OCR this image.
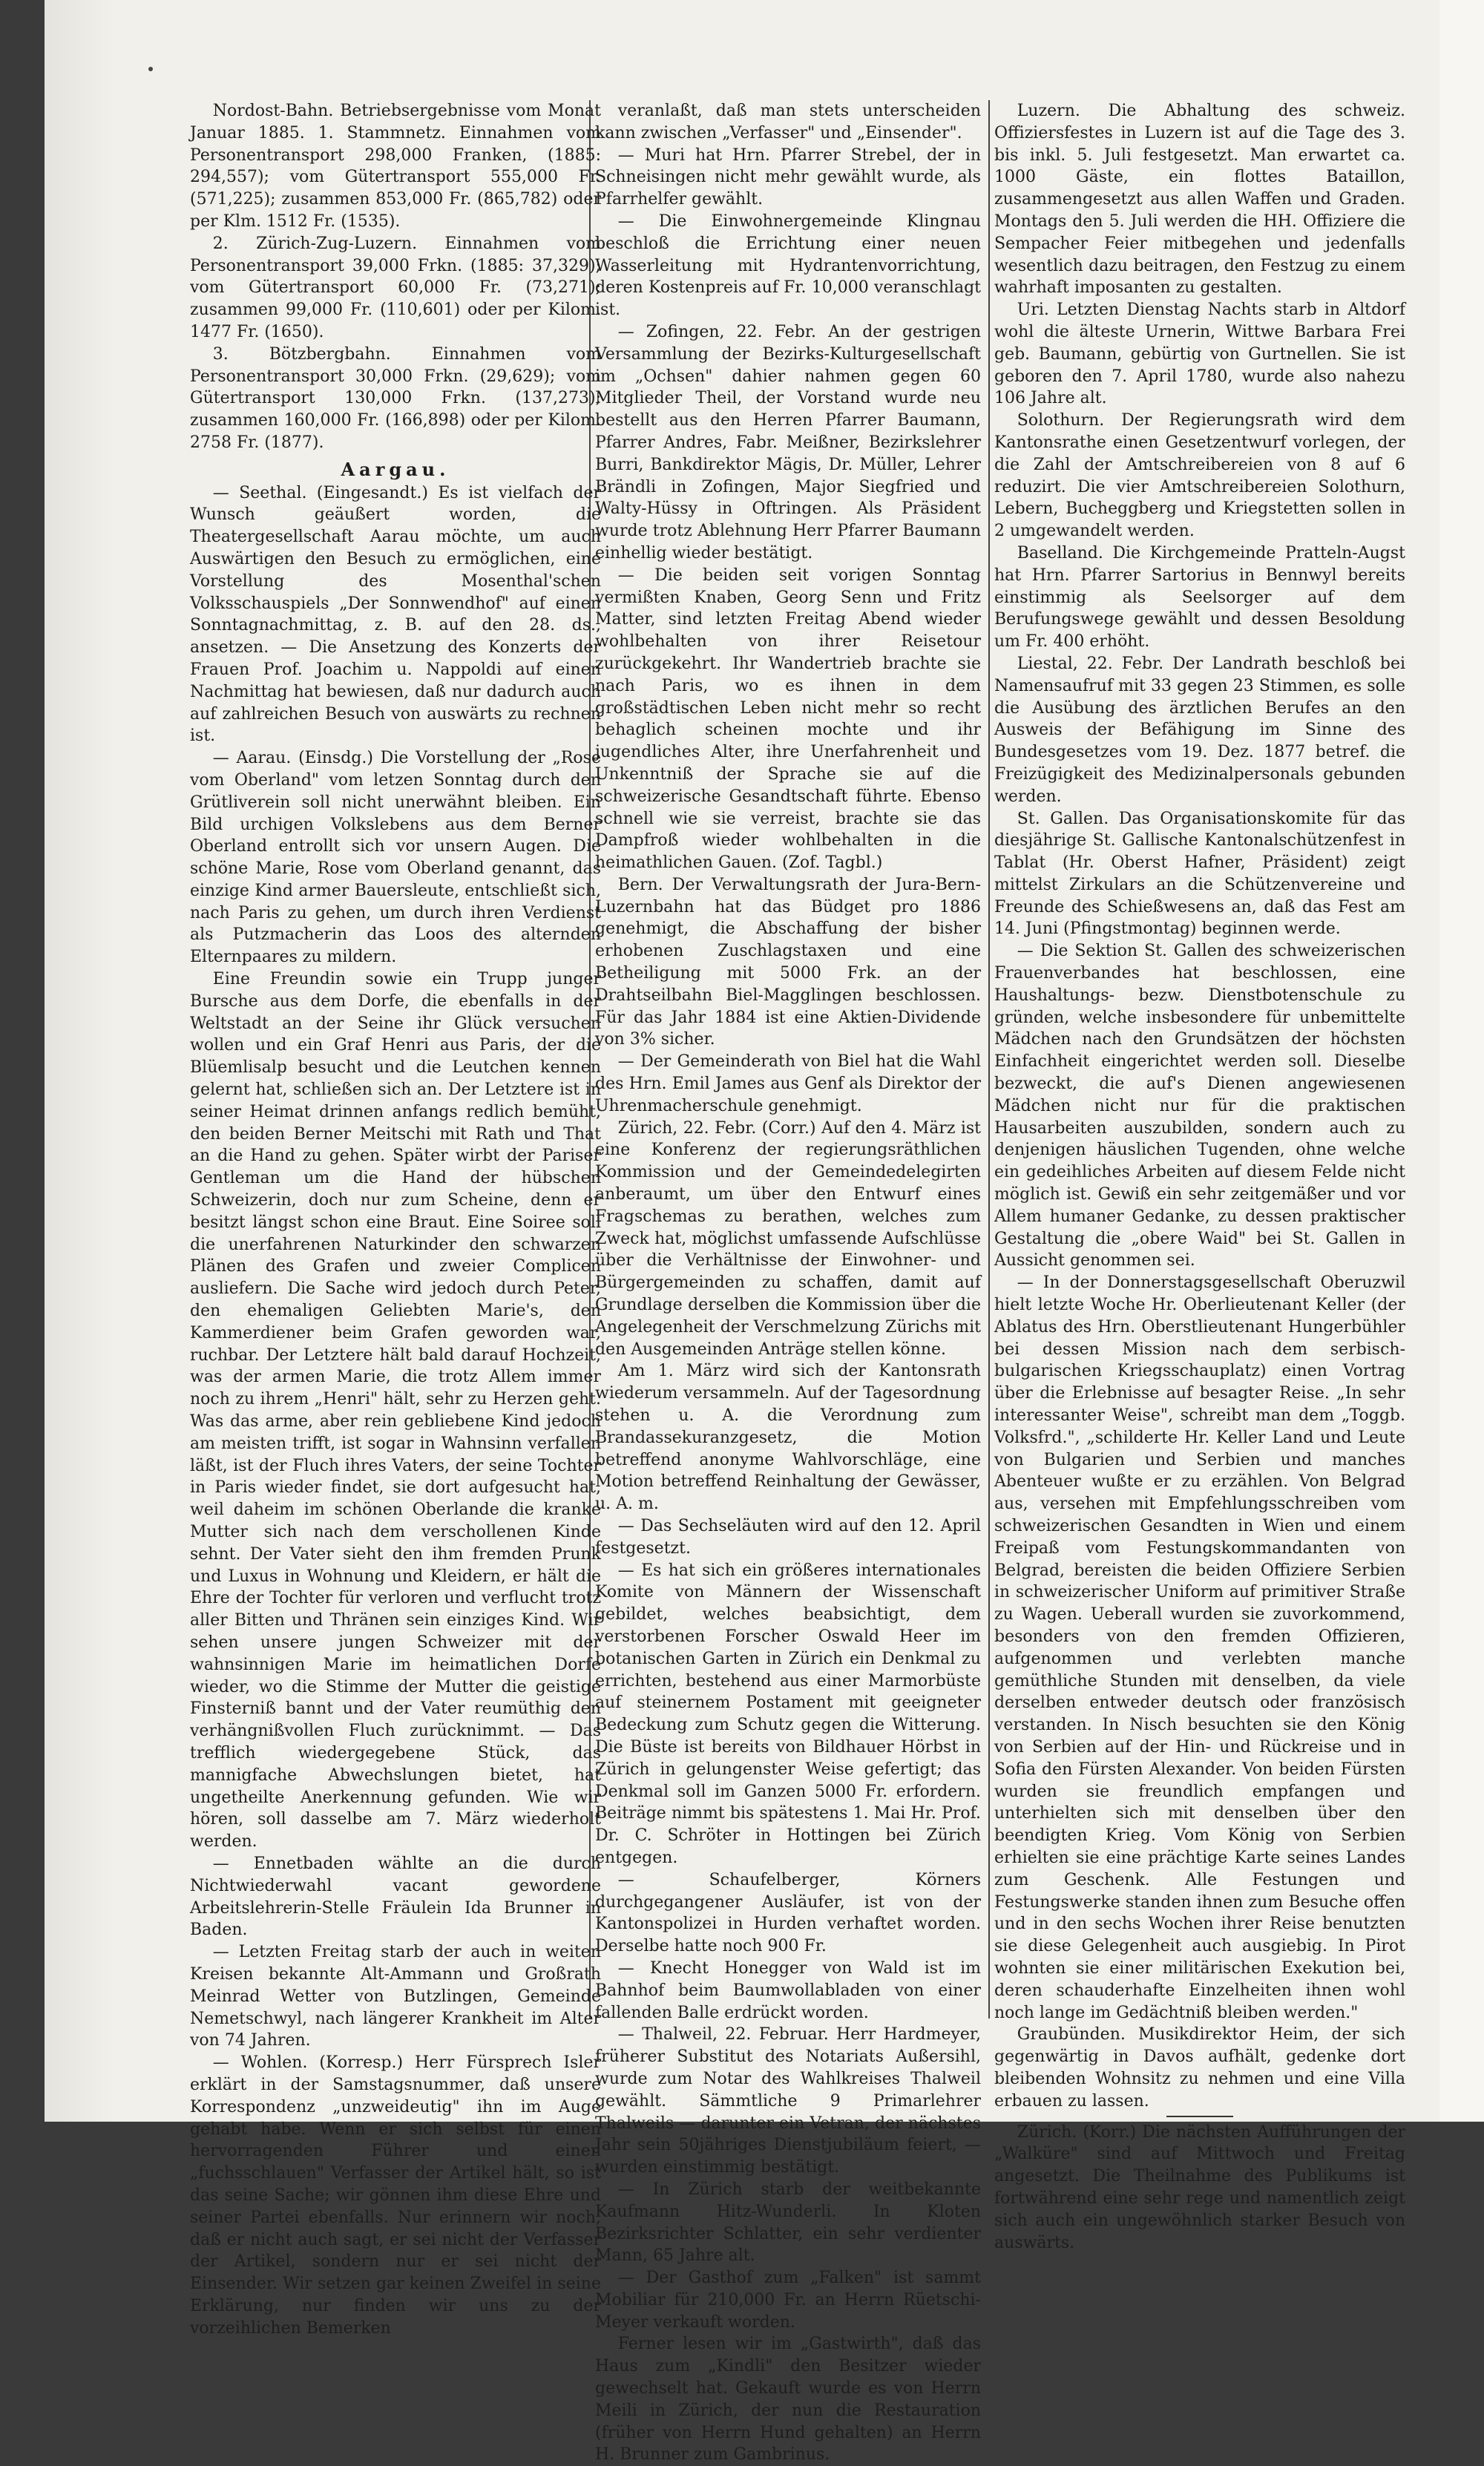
Nordost-Bahn. Betriebsergebnisse vom Monat Januar 1885. 1. Stammnetz. Einnahmen vom Personentransport 298,000 Franken, (1885: 294,557); vom Gütertransport 555,000 Fr. (571,225); zusammen 853,000 Fr. (865,782) oder per Klm. 1512 Fr. (1535).

2. Zürich-Zug-Luzern. Einnahmen vom Personentransport 39,000 Frkn. (1885: 37,329); vom Gütertransport 60,000 Fr. (73,271); zusammen 99,000 Fr. (110,601) oder per Kilom. 1477 Fr. (1650).

3. Bötzbergbahn. Einnahmen vom Personentransport 30,000 Frkn. (29,629); vom Gütertransport 130,000 Frkn. (137,273); zusammen 160,000 Fr. (166,898) oder per Kilom. 2758 Fr. (1877).

Aargau.

— Seethal. (Eingesandt.) Es ist vielfach der Wunsch geäußert worden, die Theatergesellschaft Aarau möchte, um auch Auswärtigen den Besuch zu ermöglichen, eine Vorstellung des Mosenthal'schen Volksschauspiels „Der Sonnwendhof" auf einen Sonntagnachmittag, z. B. auf den 28. ds., ansetzen. — Die Ansetzung des Konzerts der Frauen Prof. Joachim u. Nappoldi auf einen Nachmittag hat bewiesen, daß nur dadurch auch auf zahlreichen Besuch von auswärts zu rechnen ist.

— Aarau. (Einsdg.) Die Vorstellung der „Rose vom Oberland" vom letzen Sonntag durch den Grütliverein soll nicht unerwähnt bleiben. Ein Bild urchigen Volkslebens aus dem Berner Oberland entrollt sich vor unsern Augen. Die schöne Marie, Rose vom Oberland genannt, das einzige Kind armer Bauersleute, entschließt sich, nach Paris zu gehen, um durch ihren Verdienst als Putzmacherin das Loos des alternden Elternpaares zu mildern.

Eine Freundin sowie ein Trupp junger Bursche aus dem Dorfe, die ebenfalls in der Weltstadt an der Seine ihr Glück versuchen wollen und ein Graf Henri aus Paris, der die Blüemlisalp besucht und die Leutchen kennen gelernt hat, schließen sich an. Der Letztere ist in seiner Heimat drinnen anfangs redlich bemüht, den beiden Berner Meitschi mit Rath und That an die Hand zu gehen. Später wirbt der Pariser Gentleman um die Hand der hübschen Schweizerin, doch nur zum Scheine, denn er besitzt längst schon eine Braut. Eine Soiree soll die unerfahrenen Naturkinder den schwarzen Plänen des Grafen und zweier Complicen ausliefern. Die Sache wird jedoch durch Peter, den ehemaligen Geliebten Marie's, den Kammerdiener beim Grafen geworden war, ruchbar. Der Letztere hält bald darauf Hochzeit, was der armen Marie, die trotz Allem immer noch zu ihrem „Henri" hält, sehr zu Herzen geht. Was das arme, aber rein gebliebene Kind jedoch am meisten trifft, ist sogar in Wahnsinn verfallen läßt, ist der Fluch ihres Vaters, der seine Tochter in Paris wieder findet, sie dort aufgesucht hat, weil daheim im schönen Oberlande die kranke Mutter sich nach dem verschollenen Kinde sehnt. Der Vater sieht den ihm fremden Prunk und Luxus in Wohnung und Kleidern, er hält die Ehre der Tochter für verloren und verflucht trotz aller Bitten und Thränen sein einziges Kind. Wir sehen unsere jungen Schweizer mit der wahnsinnigen Marie im heimatlichen Dorfe wieder, wo die Stimme der Mutter die geistige Finsterniß bannt und der Vater reumüthig den verhängnißvollen Fluch zurücknimmt. — Das trefflich wiedergegebene Stück, das mannigfache Abwechslungen bietet, hat ungetheilte Anerkennung gefunden. Wie wir hören, soll dasselbe am 7. März wiederholt werden.

— Ennetbaden wählte an die durch Nichtwiederwahl vacant gewordene Arbeitslehrerin-Stelle Fräulein Ida Brunner in Baden.

— Letzten Freitag starb der auch in weiten Kreisen bekannte Alt-Ammann und Großrath Meinrad Wetter von Butzlingen, Gemeinde Nemetschwyl, nach längerer Krankheit im Alter von 74 Jahren.

— Wohlen. (Korresp.) Herr Fürsprech Isler erklärt in der Samstagsnummer, daß unsere Korrespondenz „unzweideutig" ihn im Auge gehabt habe. Wenn er sich selbst für einen hervorragenden Führer und einen „fuchsschlauen" Verfasser der Artikel hält, so ist das seine Sache; wir gönnen ihm diese Ehre und seiner Partei ebenfalls. Nur erinnern wir noch, daß er nicht auch sagt, er sei nicht der Verfasser der Artikel, sondern nur er sei nicht der Einsender. Wir setzen gar keinen Zweifel in seine Erklärung, nur finden wir uns zu der vorzeihlichen Bemerken

veranlaßt, daß man stets unterscheiden kann zwischen „Verfasser" und „Einsender".

— Muri hat Hrn. Pfarrer Strebel, der in Schneisingen nicht mehr gewählt wurde, als Pfarrhelfer gewählt.

— Die Einwohnergemeinde Klingnau beschloß die Errichtung einer neuen Wasserleitung mit Hydrantenvorrichtung, deren Kostenpreis auf Fr. 10,000 veranschlagt ist.

— Zofingen, 22. Febr. An der gestrigen Versammlung der Bezirks-Kulturgesellschaft im „Ochsen" dahier nahmen gegen 60 Mitglieder Theil, der Vorstand wurde neu bestellt aus den Herren Pfarrer Baumann, Pfarrer Andres, Fabr. Meißner, Bezirkslehrer Burri, Bankdirektor Mägis, Dr. Müller, Lehrer Brändli in Zofingen, Major Siegfried und Walty-Hüssy in Oftringen. Als Präsident wurde trotz Ablehnung Herr Pfarrer Baumann einhellig wieder bestätigt.

— Die beiden seit vorigen Sonntag vermißten Knaben, Georg Senn und Fritz Matter, sind letzten Freitag Abend wieder wohlbehalten von ihrer Reisetour zurückgekehrt. Ihr Wandertrieb brachte sie nach Paris, wo es ihnen in dem großstädtischen Leben nicht mehr so recht behaglich scheinen mochte und ihr jugendliches Alter, ihre Unerfahrenheit und Unkenntniß der Sprache sie auf die schweizerische Gesandtschaft führte. Ebenso schnell wie sie verreist, brachte sie das Dampfroß wieder wohlbehalten in die heimathlichen Gauen. (Zof. Tagbl.)

Bern. Der Verwaltungsrath der Jura-Bern-Luzernbahn hat das Büdget pro 1886 genehmigt, die Abschaffung der bisher erhobenen Zuschlagstaxen und eine Betheiligung mit 5000 Frk. an der Drahtseilbahn Biel-Magglingen beschlossen. Für das Jahr 1884 ist eine Aktien-Dividende von 3% sicher.

— Der Gemeinderath von Biel hat die Wahl des Hrn. Emil James aus Genf als Direktor der Uhrenmacherschule genehmigt.

Zürich, 22. Febr. (Corr.) Auf den 4. März ist eine Konferenz der regierungsräthlichen Kommission und der Gemeindedelegirten anberaumt, um über den Entwurf eines Fragschemas zu berathen, welches zum Zweck hat, möglichst umfassende Aufschlüsse über die Verhältnisse der Einwohner- und Bürgergemeinden zu schaffen, damit auf Grundlage derselben die Kommission über die Angelegenheit der Verschmelzung Zürichs mit den Ausgemeinden Anträge stellen könne.

Am 1. März wird sich der Kantonsrath wiederum versammeln. Auf der Tagesordnung stehen u. A. die Verordnung zum Brandassekuranzgesetz, die Motion betreffend anonyme Wahlvorschläge, eine Motion betreffend Reinhaltung der Gewässer, u. A. m.

— Das Sechseläuten wird auf den 12. April festgesetzt.

— Es hat sich ein größeres internationales Komite von Männern der Wissenschaft gebildet, welches beabsichtigt, dem verstorbenen Forscher Oswald Heer im botanischen Garten in Zürich ein Denkmal zu errichten, bestehend aus einer Marmorbüste auf steinernem Postament mit geeigneter Bedeckung zum Schutz gegen die Witterung. Die Büste ist bereits von Bildhauer Hörbst in Zürich in gelungenster Weise gefertigt; das Denkmal soll im Ganzen 5000 Fr. erfordern. Beiträge nimmt bis spätestens 1. Mai Hr. Prof. Dr. C. Schröter in Hottingen bei Zürich entgegen.

— Schaufelberger, Körners durchgegangener Ausläufer, ist von der Kantonspolizei in Hurden verhaftet worden. Derselbe hatte noch 900 Fr.

— Knecht Honegger von Wald ist im Bahnhof beim Baumwollabladen von einer fallenden Balle erdrückt worden.

— Thalweil, 22. Februar. Herr Hardmeyer, früherer Substitut des Notariats Außersihl, wurde zum Notar des Wahlkreises Thalweil gewählt. Sämmtliche 9 Primarlehrer Thalweils — darunter ein Vetran, der nächstes Jahr sein 50jähriges Dienstjubiläum feiert, — wurden einstimmig bestätigt.

— In Zürich starb der weitbekannte Kaufmann Hitz-Wunderli. In Kloten Bezirksrichter Schlatter, ein sehr verdienter Mann, 65 Jahre alt.

— Der Gasthof zum „Falken" ist sammt Mobiliar für 210,000 Fr. an Herrn Rüetschi-Meyer verkauft worden.

Ferner lesen wir im „Gastwirth", daß das Haus zum „Kindli" den Besitzer wieder gewechselt hat. Gekauft wurde es von Herrn Meili in Zürich, der nun die Restauration (früher von Herrn Hund gehalten) an Herrn H. Brunner zum Gambrinus.

Luzern. Die Abhaltung des schweiz. Offiziersfestes in Luzern ist auf die Tage des 3. bis inkl. 5. Juli festgesetzt. Man erwartet ca. 1000 Gäste, ein flottes Bataillon, zusammengesetzt aus allen Waffen und Graden. Montags den 5. Juli werden die HH. Offiziere die Sempacher Feier mitbegehen und jedenfalls wesentlich dazu beitragen, den Festzug zu einem wahrhaft imposanten zu gestalten.

Uri. Letzten Dienstag Nachts starb in Altdorf wohl die älteste Urnerin, Wittwe Barbara Frei geb. Baumann, gebürtig von Gurtnellen. Sie ist geboren den 7. April 1780, wurde also nahezu 106 Jahre alt.

Solothurn. Der Regierungsrath wird dem Kantonsrathe einen Gesetzentwurf vorlegen, der die Zahl der Amtschreibereien von 8 auf 6 reduzirt. Die vier Amtschreibereien Solothurn, Lebern, Bucheggberg und Kriegstetten sollen in 2 umgewandelt werden.

Baselland. Die Kirchgemeinde Pratteln-Augst hat Hrn. Pfarrer Sartorius in Bennwyl bereits einstimmig als Seelsorger auf dem Berufungswege gewählt und dessen Besoldung um Fr. 400 erhöht.

Liestal, 22. Febr. Der Landrath beschloß bei Namensaufruf mit 33 gegen 23 Stimmen, es solle die Ausübung des ärztlichen Berufes an den Ausweis der Befähigung im Sinne des Bundesgesetzes vom 19. Dez. 1877 betref. die Freizügigkeit des Medizinalpersonals gebunden werden.

St. Gallen. Das Organisationskomite für das diesjährige St. Gallische Kantonalschützenfest in Tablat (Hr. Oberst Hafner, Präsident) zeigt mittelst Zirkulars an die Schützenvereine und Freunde des Schießwesens an, daß das Fest am 14. Juni (Pfingstmontag) beginnen werde.

— Die Sektion St. Gallen des schweizerischen Frauenverbandes hat beschlossen, eine Haushaltungs- bezw. Dienstbotenschule zu gründen, welche insbesondere für unbemittelte Mädchen nach den Grundsätzen der höchsten Einfachheit eingerichtet werden soll. Dieselbe bezweckt, die auf's Dienen angewiesenen Mädchen nicht nur für die praktischen Hausarbeiten auszubilden, sondern auch zu denjenigen häuslichen Tugenden, ohne welche ein gedeihliches Arbeiten auf diesem Felde nicht möglich ist. Gewiß ein sehr zeitgemäßer und vor Allem humaner Gedanke, zu dessen praktischer Gestaltung die „obere Waid" bei St. Gallen in Aussicht genommen sei.

— In der Donnerstagsgesellschaft Oberuzwil hielt letzte Woche Hr. Oberlieutenant Keller (der Ablatus des Hrn. Oberstlieutenant Hungerbühler bei dessen Mission nach dem serbisch-bulgarischen Kriegsschauplatz) einen Vortrag über die Erlebnisse auf besagter Reise. „In sehr interessanter Weise", schreibt man dem „Toggb. Volksfrd.", „schilderte Hr. Keller Land und Leute von Bulgarien und Serbien und manches Abenteuer wußte er zu erzählen. Von Belgrad aus, versehen mit Empfehlungsschreiben vom schweizerischen Gesandten in Wien und einem Freipaß vom Festungskommandanten von Belgrad, bereisten die beiden Offiziere Serbien in schweizerischer Uniform auf primitiver Straße zu Wagen. Ueberall wurden sie zuvorkommend, besonders von den fremden Offizieren, aufgenommen und verlebten manche gemüthliche Stunden mit denselben, da viele derselben entweder deutsch oder französisch verstanden. In Nisch besuchten sie den König von Serbien auf der Hin- und Rückreise und in Sofia den Fürsten Alexander. Von beiden Fürsten wurden sie freundlich empfangen und unterhielten sich mit denselben über den beendigten Krieg. Vom König von Serbien erhielten sie eine prächtige Karte seines Landes zum Geschenk. Alle Festungen und Festungswerke standen ihnen zum Besuche offen und in den sechs Wochen ihrer Reise benutzten sie diese Gelegenheit auch ausgiebig. In Pirot wohnten sie einer militärischen Exekution bei, deren schauderhafte Einzelheiten ihnen wohl noch lange im Gedächtniß bleiben werden."

Graubünden. Musikdirektor Heim, der sich gegenwärtig in Davos aufhält, gedenke dort bleibenden Wohnsitz zu nehmen und eine Villa erbauen zu lassen.

Zürich. (Korr.) Die nächsten Aufführungen der „Walküre" sind auf Mittwoch und Freitag angesetzt. Die Theilnahme des Publikums ist fortwährend eine sehr rege und namentlich zeigt sich auch ein ungewöhnlich starker Besuch von auswärts.
